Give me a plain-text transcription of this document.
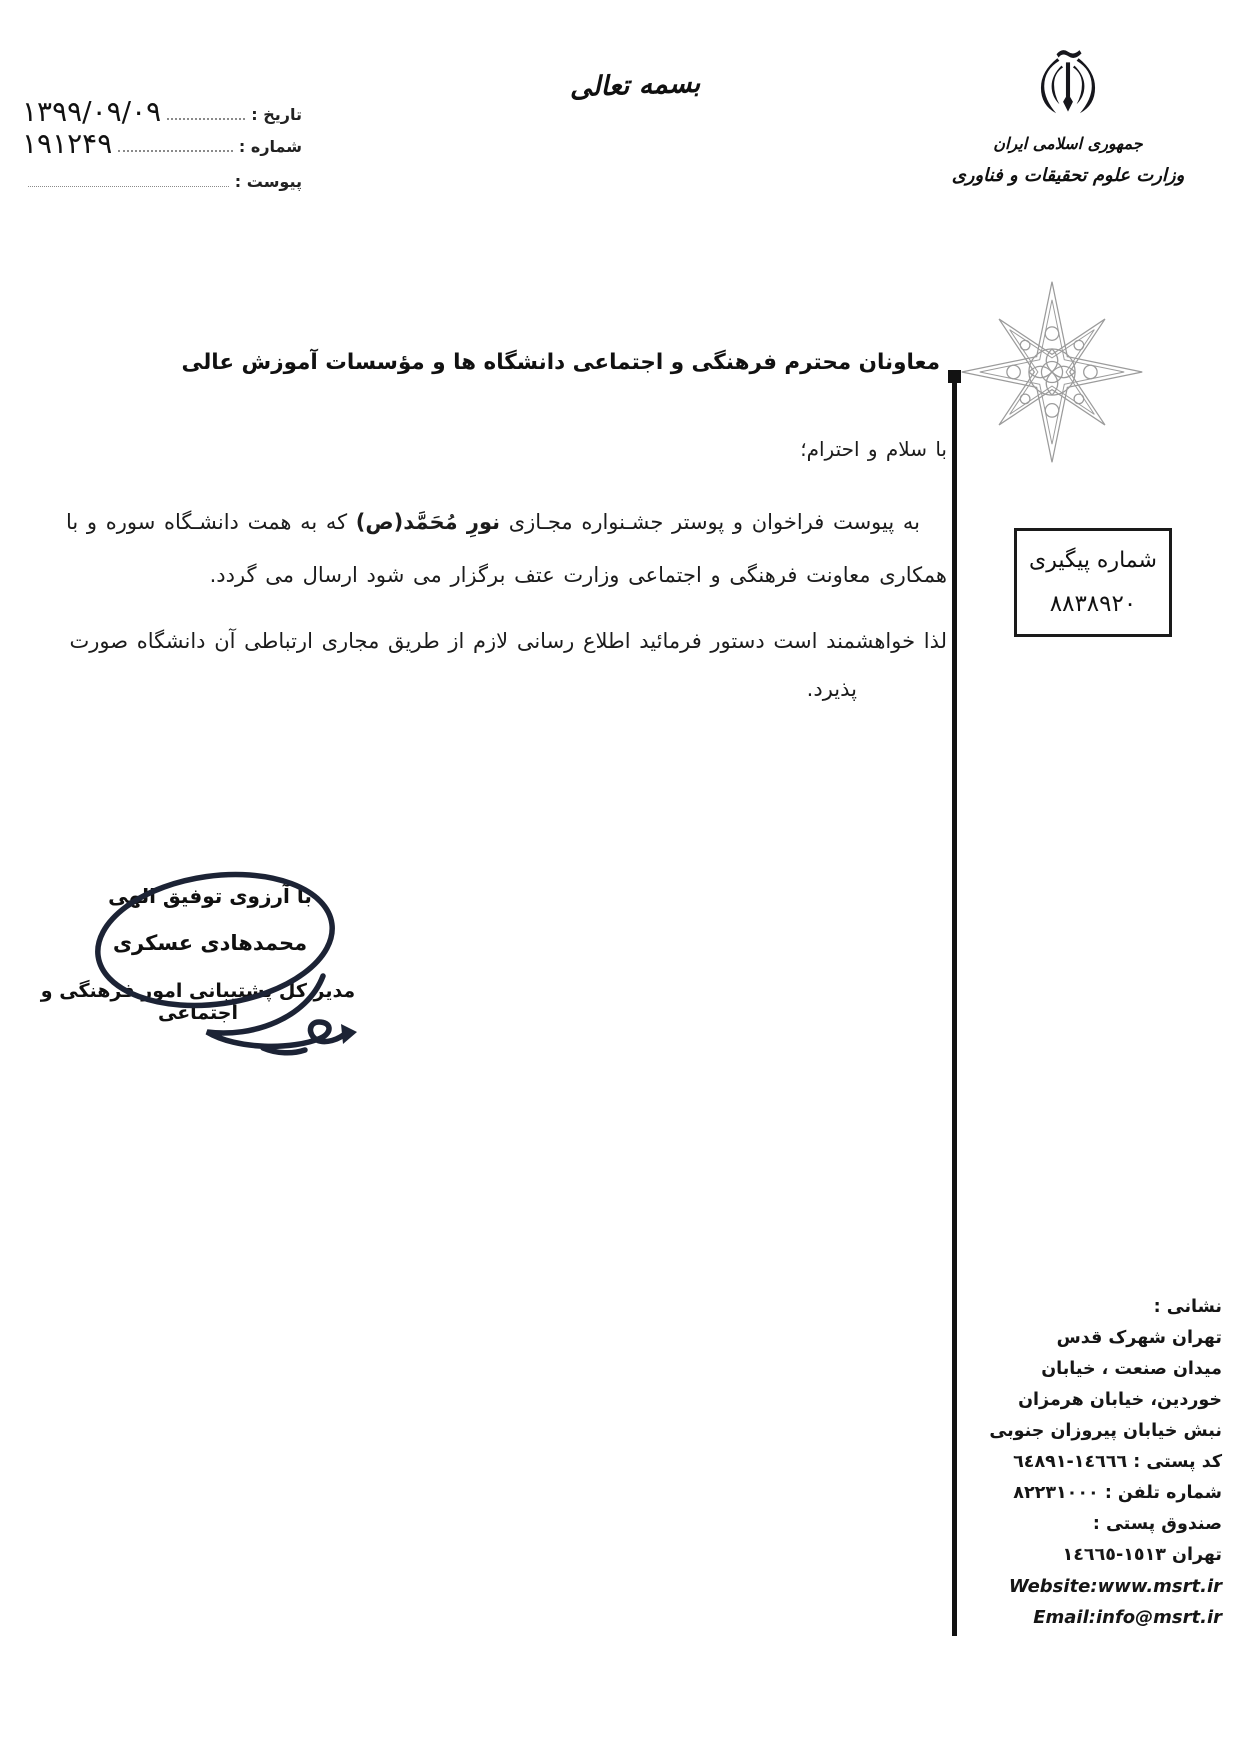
تاریخ :
۱۳۹۹/۰۹/۰۹
شماره :
۱۹۱۲۴۹
پیوست :
بسمه تعالی
جمهوری اسلامی ایران
وزارت علوم تحقیقات و فناوری
معاونان محترم فرهنگی و اجتماعی دانشگاه ها و مؤسسات آموزش عالی
با سلام و احترام؛
به پیوست فراخوان و پوستر جشـنواره مجـازی نورِ مُحَمَّد(ص) که به همت دانشـگاه سوره و با
همکاری معاونت فرهنگی و اجتماعی وزارت عتف برگزار می شود ارسال می گردد.
لذا خواهشمند است دستور فرمائید اطلاع رسانی لازم از طریق مجاری ارتباطی آن دانشگاه صورت
پذیرد.
شماره پیگیری
۸۸۳۸۹۲۰
با آرزوی توفیق الهی
محمدهادی عسکری
مدیر کل پشتیبانی امور فرهنگی و اجتماعی
نشانی :
تهران شهرک قدس
میدان صنعت ، خیابان
خوردین، خیابان هرمزان
نبش خیابان پیروزان جنوبی
کد پستی : ١٤٦٦٦-٦٤٨٩١
شماره تلفن : ٨٢٢٣١٠٠٠
صندوق پستی :
تهران ١٥١٣-١٤٦٦٥
Website:www.msrt.ir
Email:info@msrt.ir
